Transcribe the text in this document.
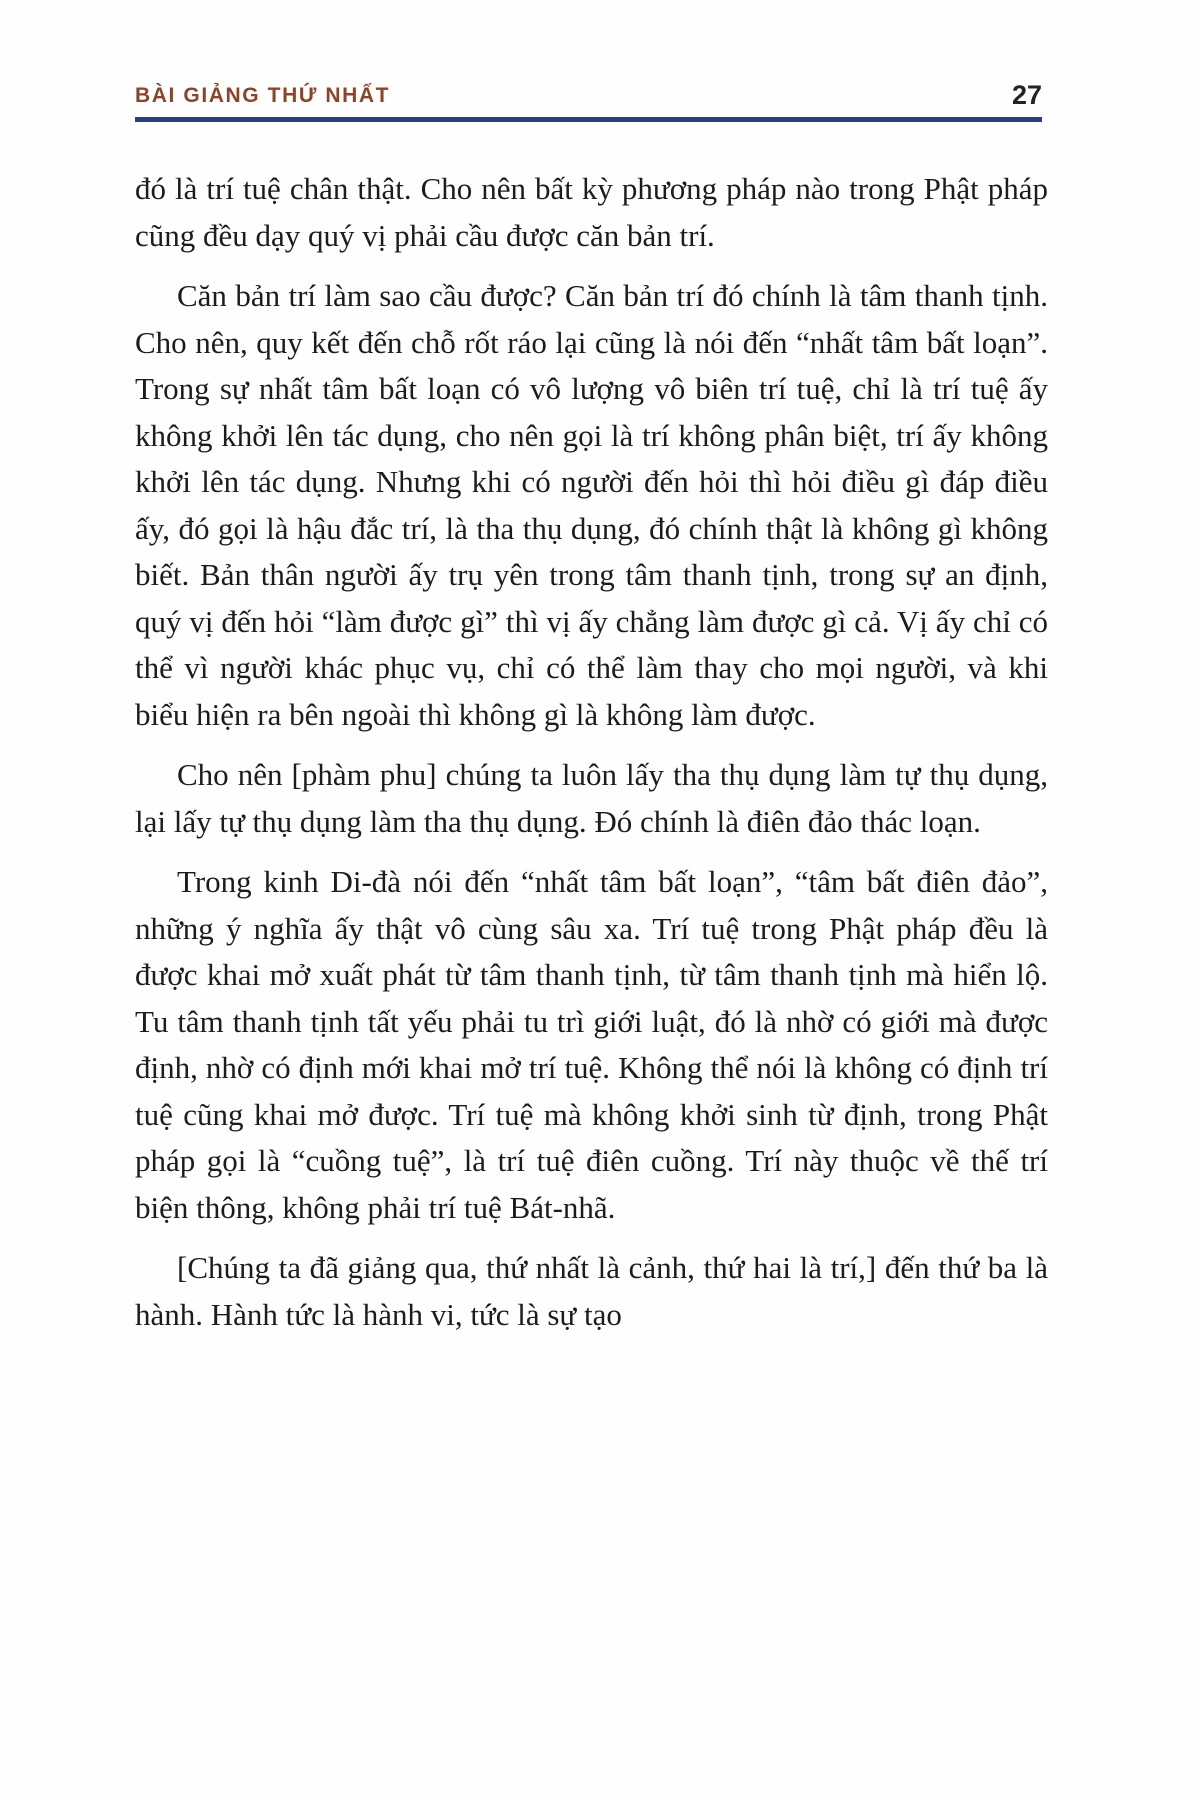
BÀI GIẢNG THỨ NHẤT	27

đó là trí tuệ chân thật. Cho nên bất kỳ phương pháp nào trong Phật pháp cũng đều dạy quý vị phải cầu được căn bản trí.

Căn bản trí làm sao cầu được? Căn bản trí đó chính là tâm thanh tịnh. Cho nên, quy kết đến chỗ rốt ráo lại cũng là nói đến “nhất tâm bất loạn”. Trong sự nhất tâm bất loạn có vô lượng vô biên trí tuệ, chỉ là trí tuệ ấy không khởi lên tác dụng, cho nên gọi là trí không phân biệt, trí ấy không khởi lên tác dụng. Nhưng khi có người đến hỏi thì hỏi điều gì đáp điều ấy, đó gọi là hậu đắc trí, là tha thụ dụng, đó chính thật là không gì không biết. Bản thân người ấy trụ yên trong tâm thanh tịnh, trong sự an định, quý vị đến hỏi “làm được gì” thì vị ấy chẳng làm được gì cả. Vị ấy chỉ có thể vì người khác phục vụ, chỉ có thể làm thay cho mọi người, và khi biểu hiện ra bên ngoài thì không gì là không làm được.

Cho nên [phàm phu] chúng ta luôn lấy tha thụ dụng làm tự thụ dụng, lại lấy tự thụ dụng làm tha thụ dụng. Đó chính là điên đảo thác loạn.

Trong kinh Di-đà nói đến “nhất tâm bất loạn”, “tâm bất điên đảo”, những ý nghĩa ấy thật vô cùng sâu xa. Trí tuệ trong Phật pháp đều là được khai mở xuất phát từ tâm thanh tịnh, từ tâm thanh tịnh mà hiển lộ. Tu tâm thanh tịnh tất yếu phải tu trì giới luật, đó là nhờ có giới mà được định, nhờ có định mới khai mở trí tuệ. Không thể nói là không có định trí tuệ cũng khai mở được. Trí tuệ mà không khởi sinh từ định, trong Phật pháp gọi là “cuồng tuệ”, là trí tuệ điên cuồng. Trí này thuộc về thế trí biện thông, không phải trí tuệ Bát-nhã.

[Chúng ta đã giảng qua, thứ nhất là cảnh, thứ hai là trí,] đến thứ ba là hành. Hành tức là hành vi, tức là sự tạo
